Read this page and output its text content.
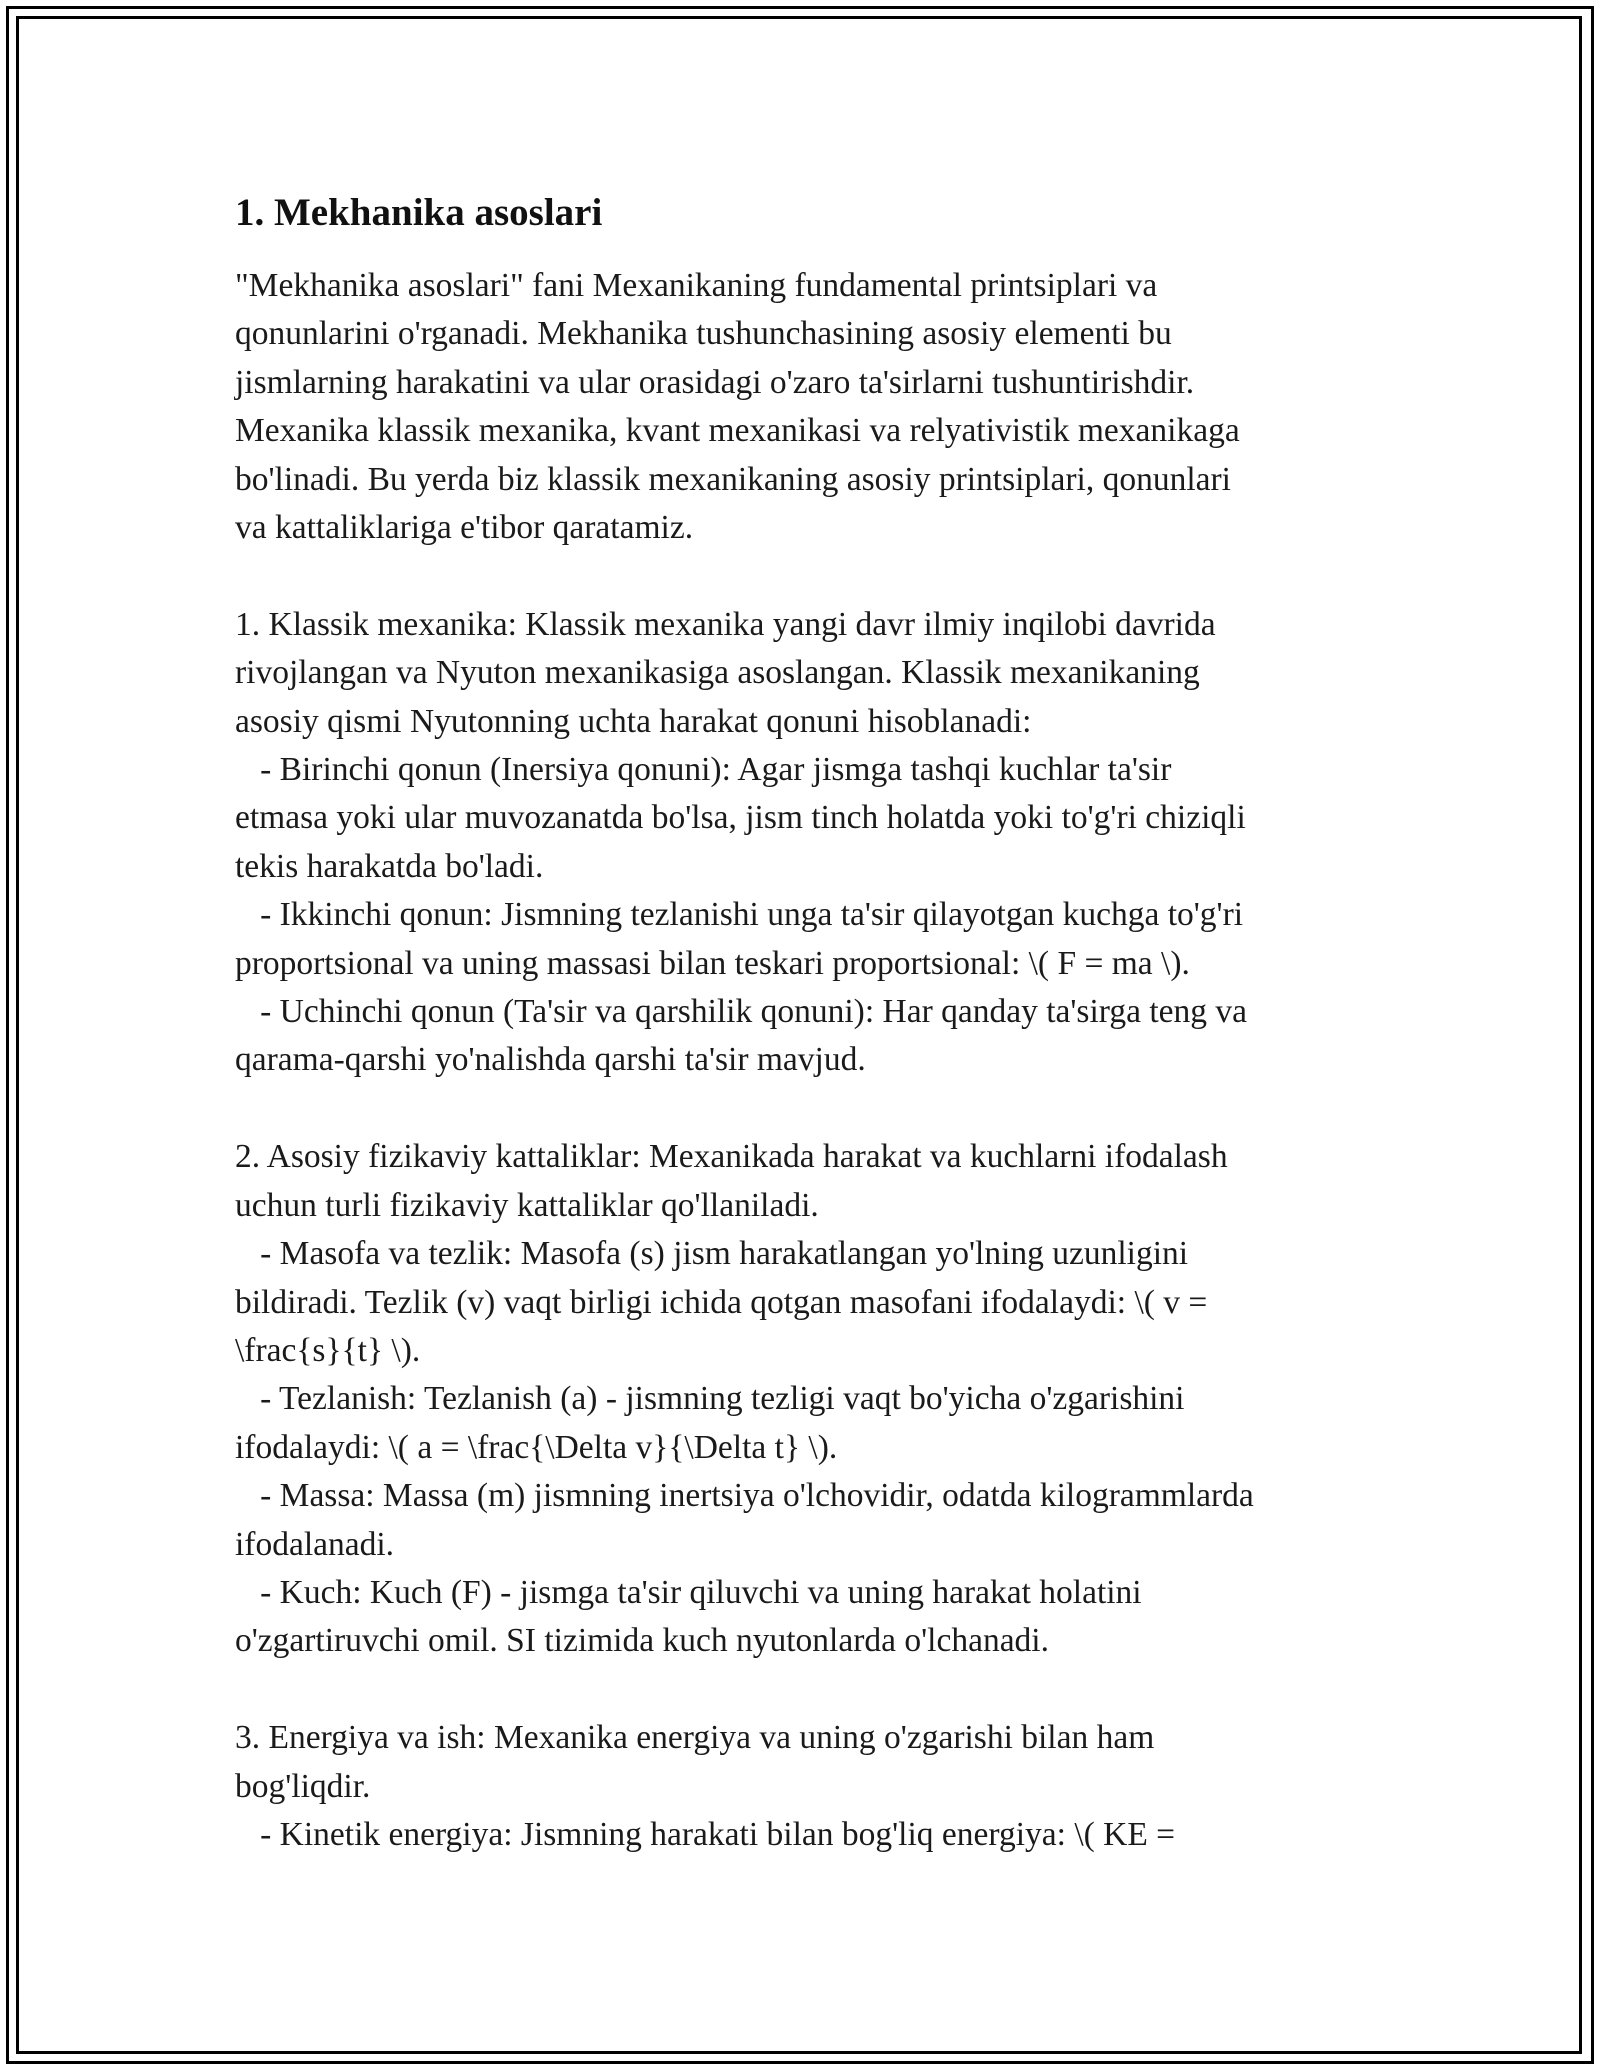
1. Mekhanika asoslari
"Mekhanika asoslari" fani Mexanikaning fundamental printsiplari va
qonunlarini o'rganadi. Mekhanika tushunchasining asosiy elementi bu
jismlarning harakatini va ular orasidagi o'zaro ta'sirlarni tushuntirishdir.
Mexanika klassik mexanika, kvant mexanikasi va relyativistik mexanikaga
bo'linadi. Bu yerda biz klassik mexanikaning asosiy printsiplari, qonunlari
va kattaliklariga e'tibor qaratamiz.
1. Klassik mexanika: Klassik mexanika yangi davr ilmiy inqilobi davrida
rivojlangan va Nyuton mexanikasiga asoslangan. Klassik mexanikaning
asosiy qismi Nyutonning uchta harakat qonuni hisoblanadi:
- Birinchi qonun (Inersiya qonuni): Agar jismga tashqi kuchlar ta'sir
etmasa yoki ular muvozanatda bo'lsa, jism tinch holatda yoki to'g'ri chiziqli
tekis harakatda bo'ladi.
- Ikkinchi qonun: Jismning tezlanishi unga ta'sir qilayotgan kuchga to'g'ri
proportsional va uning massasi bilan teskari proportsional: \( F = ma \).
- Uchinchi qonun (Ta'sir va qarshilik qonuni): Har qanday ta'sirga teng va
qarama-qarshi yo'nalishda qarshi ta'sir mavjud.
2. Asosiy fizikaviy kattaliklar: Mexanikada harakat va kuchlarni ifodalash
uchun turli fizikaviy kattaliklar qo'llaniladi.
- Masofa va tezlik: Masofa (s) jism harakatlangan yo'lning uzunligini
bildiradi. Tezlik (v) vaqt birligi ichida qotgan masofani ifodalaydi: \( v =
\frac{s}{t} \).
- Tezlanish: Tezlanish (a) - jismning tezligi vaqt bo'yicha o'zgarishini
ifodalaydi: \( a = \frac{\Delta v}{\Delta t} \).
- Massa: Massa (m) jismning inertsiya o'lchovidir, odatda kilogrammlarda
ifodalanadi.
- Kuch: Kuch (F) - jismga ta'sir qiluvchi va uning harakat holatini
o'zgartiruvchi omil. SI tizimida kuch nyutonlarda o'lchanadi.
3. Energiya va ish: Mexanika energiya va uning o'zgarishi bilan ham
bog'liqdir.
- Kinetik energiya: Jismning harakati bilan bog'liq energiya: \( KE =
